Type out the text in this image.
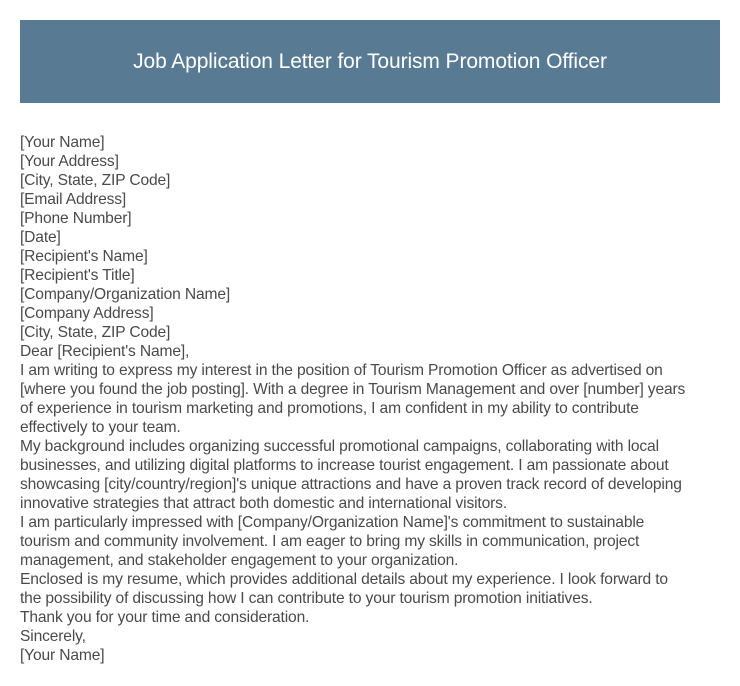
Job Application Letter for Tourism Promotion Officer
[Your Name]
[Your Address]
[City, State, ZIP Code]
[Email Address]
[Phone Number]
[Date]
[Recipient's Name]
[Recipient's Title]
[Company/Organization Name]
[Company Address]
[City, State, ZIP Code]
Dear [Recipient's Name],
I am writing to express my interest in the position of Tourism Promotion Officer as advertised on
[where you found the job posting]. With a degree in Tourism Management and over [number] years
of experience in tourism marketing and promotions, I am confident in my ability to contribute
effectively to your team.
My background includes organizing successful promotional campaigns, collaborating with local
businesses, and utilizing digital platforms to increase tourist engagement. I am passionate about
showcasing [city/country/region]'s unique attractions and have a proven track record of developing
innovative strategies that attract both domestic and international visitors.
I am particularly impressed with [Company/Organization Name]'s commitment to sustainable
tourism and community involvement. I am eager to bring my skills in communication, project
management, and stakeholder engagement to your organization.
Enclosed is my resume, which provides additional details about my experience. I look forward to
the possibility of discussing how I can contribute to your tourism promotion initiatives.
Thank you for your time and consideration.
Sincerely,
[Your Name]
